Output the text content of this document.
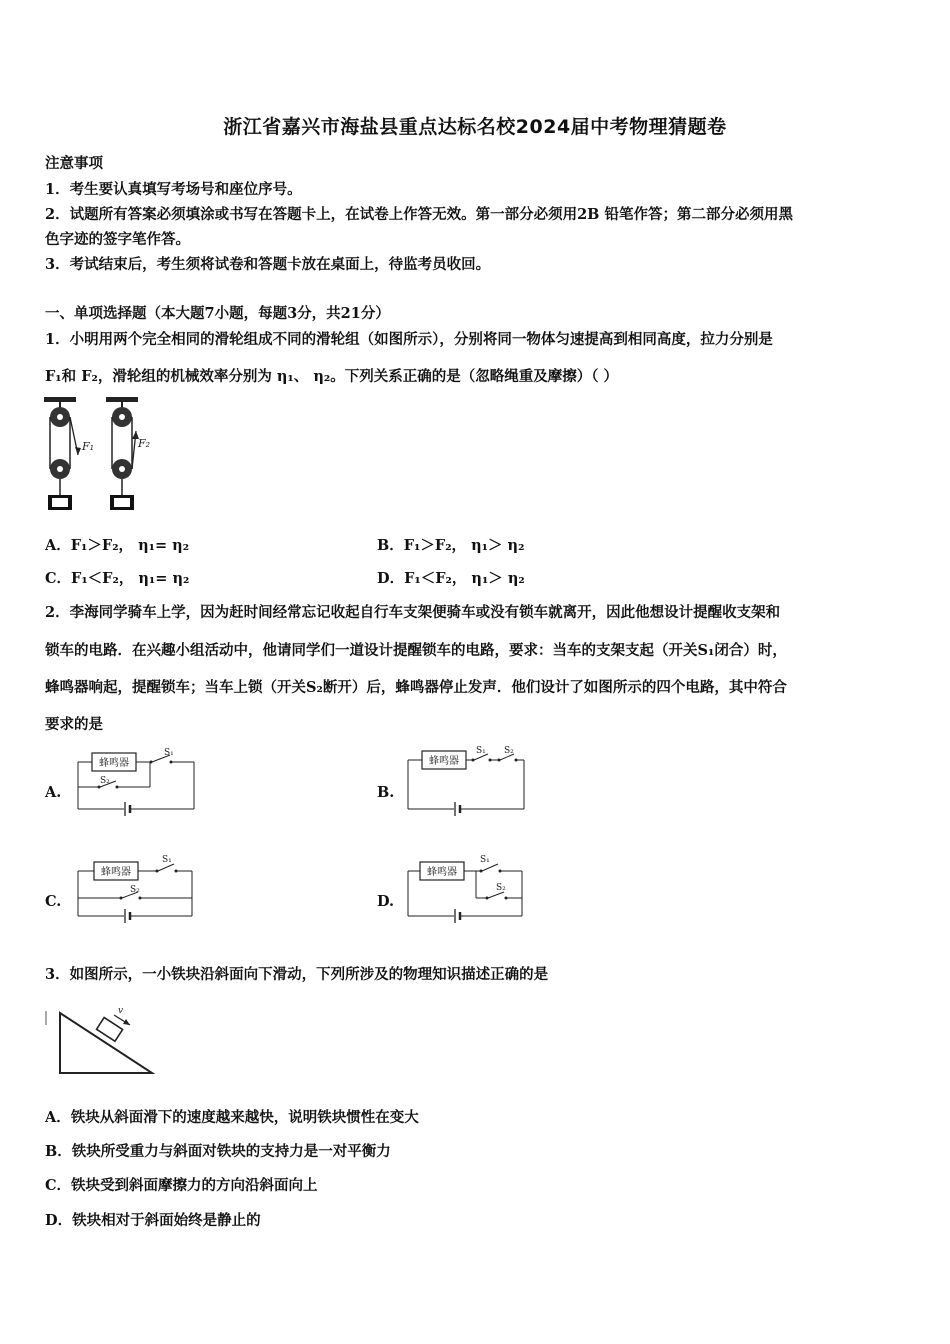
浙江省嘉兴市海盐县重点达标名校2024届中考物理猜题卷
注意事项
1．考生要认真填写考场号和座位序号。
2．试题所有答案必须填涂或书写在答题卡上，在试卷上作答无效。第一部分必须用2B 铅笔作答；第二部分必须用黑
色字迹的签字笔作答。
3．考试结束后，考生须将试卷和答题卡放在桌面上，待监考员收回。
一、单项选择题（本大题7小题，每题3分，共21分）
1．小明用两个完全相同的滑轮组成不同的滑轮组（如图所示），分别将同一物体匀速提高到相同高度，拉力分别是
F₁和 F₂，滑轮组的机械效率分别为 η₁、 η₂。下列关系正确的是（忽略绳重及摩擦）（ ）
F₁	F₂
A．F₁＞F₂， η₁= η₂	B．F₁＞F₂， η₁＞ η₂
C．F₁＜F₂， η₁= η₂	D．F₁＜F₂， η₁＞ η₂
2．李海同学骑车上学，因为赶时间经常忘记收起自行车支架便骑车或没有锁车就离开，因此他想设计提醒收支架和
锁车的电路．在兴趣小组活动中，他请同学们一道设计提醒锁车的电路，要求：当车的支架支起（开关S₁闭合）时，
蜂鸣器响起，提醒锁车；当车上锁（开关S₂断开）后，蜂鸣器停止发声．他们设计了如图所示的四个电路，其中符合
要求的是
A.
蜂鸣器
S₁
S₂
B.
蜂鸣器
S₁ S₂
C.
蜂鸣器
S₁
S₂
D.
蜂鸣器
S₁
S₂
3．如图所示，一小铁块沿斜面向下滑动，下列所涉及的物理知识描述正确的是
v
A．铁块从斜面滑下的速度越来越快，说明铁块惯性在变大
B．铁块所受重力与斜面对铁块的支持力是一对平衡力
C．铁块受到斜面摩擦力的方向沿斜面向上
D．铁块相对于斜面始终是静止的
